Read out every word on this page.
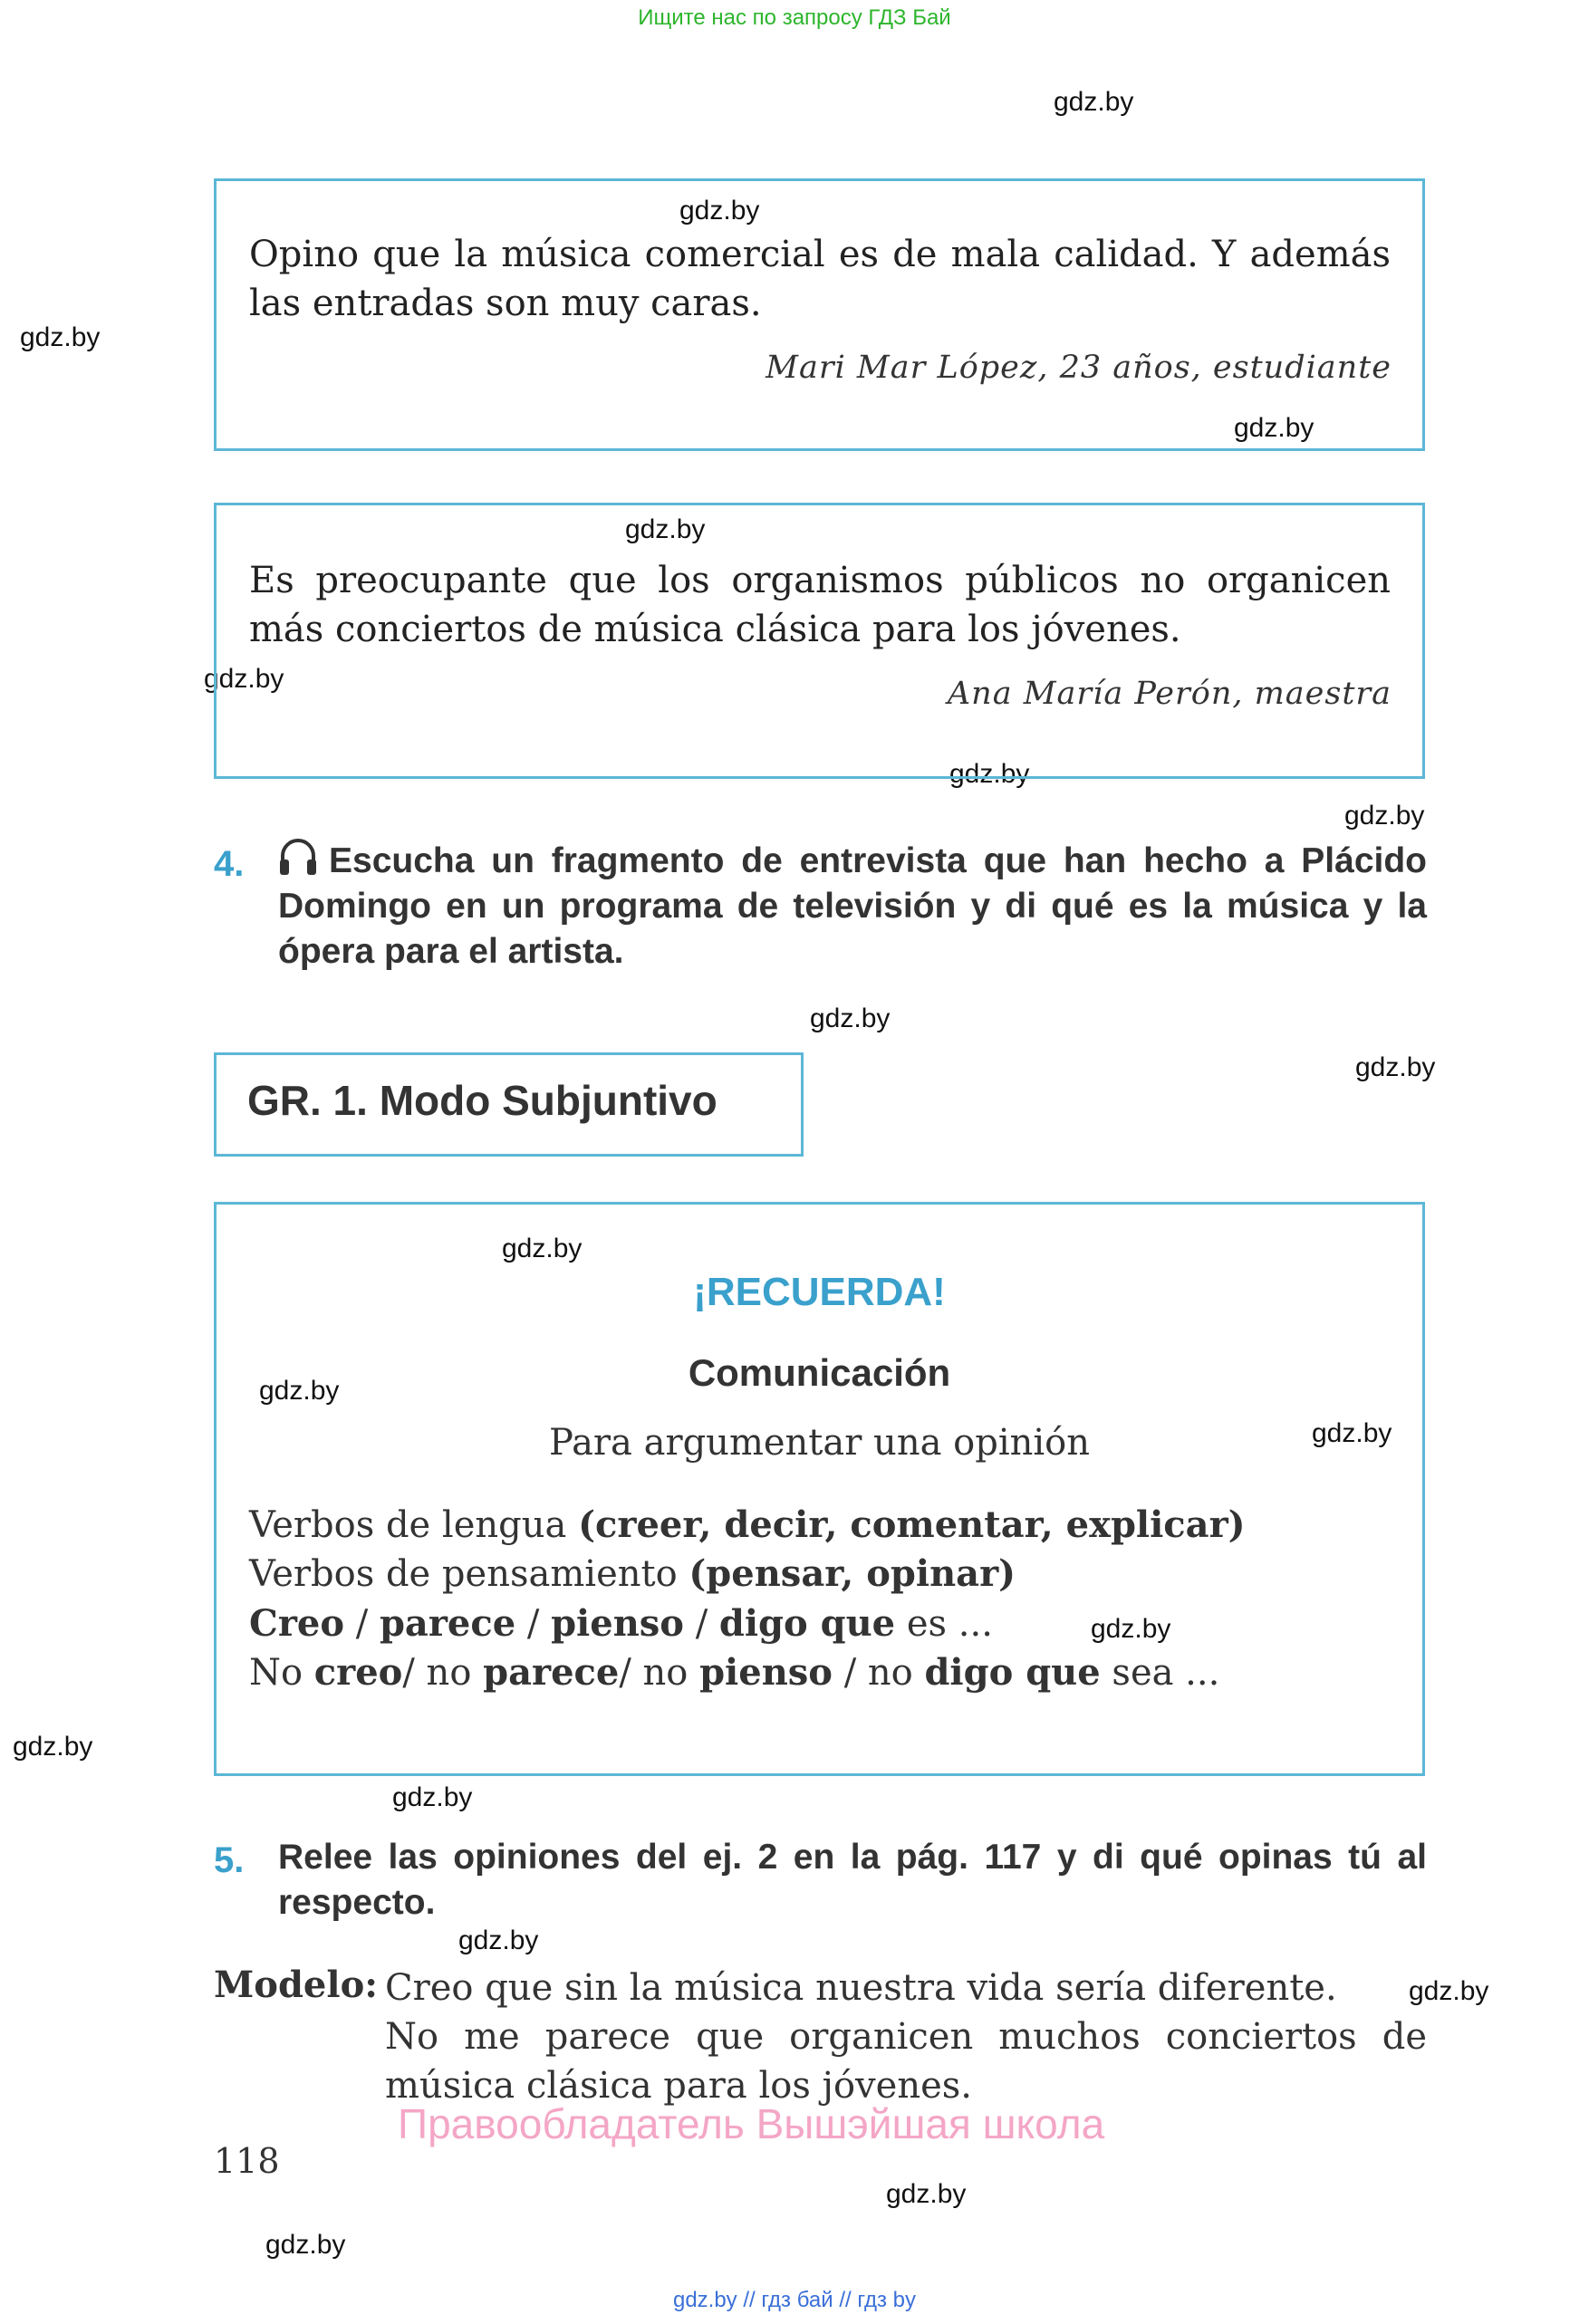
Ищите нас по запросу ГДЗ Бай
gdz.by
gdz.by
gdz.by
gdz.by
gdz.by
gdz.by
gdz.by
gdz.by
gdz.by
gdz.by
gdz.by
gdz.by
gdz.by
gdz.by
gdz.by
gdz.by
gdz.by
gdz.by
gdz.by
gdz.by
Opino que la música comercial es de mala calidad. Y además las entradas son muy caras.
Mari Mar López, 23 años, estudiante
Es preocupante que los organismos públicos no organicen más conciertos de música clásica para los jóvenes.
Ana María Perón, maestra
4.	Escucha un fragmento de entrevista que han hecho a Plácido Domingo en un programa de televisión y di qué es la música y la ópera para el artista.
GR. 1. Modo Subjuntivo
¡RECUERDA!
Comunicación
Para argumentar una opinión
Verbos de lengua (creer, decir, comentar, explicar)
Verbos de pensamiento (pensar, opinar)
Creo / parece / pienso / digo que es ...
No creo/ no parece/ no pienso / no digo que sea ...
5. Relee las opiniones del ej. 2 en la pág. 117 y di qué opinas tú al respecto.
Modelo: Creo que sin la música nuestra vida sería diferente.
No me parece que organicen muchos conciertos de música clásica para los jóvenes.
Правообладатель Вышэйшая школа
118
gdz.by // гдз бай // гдз by
